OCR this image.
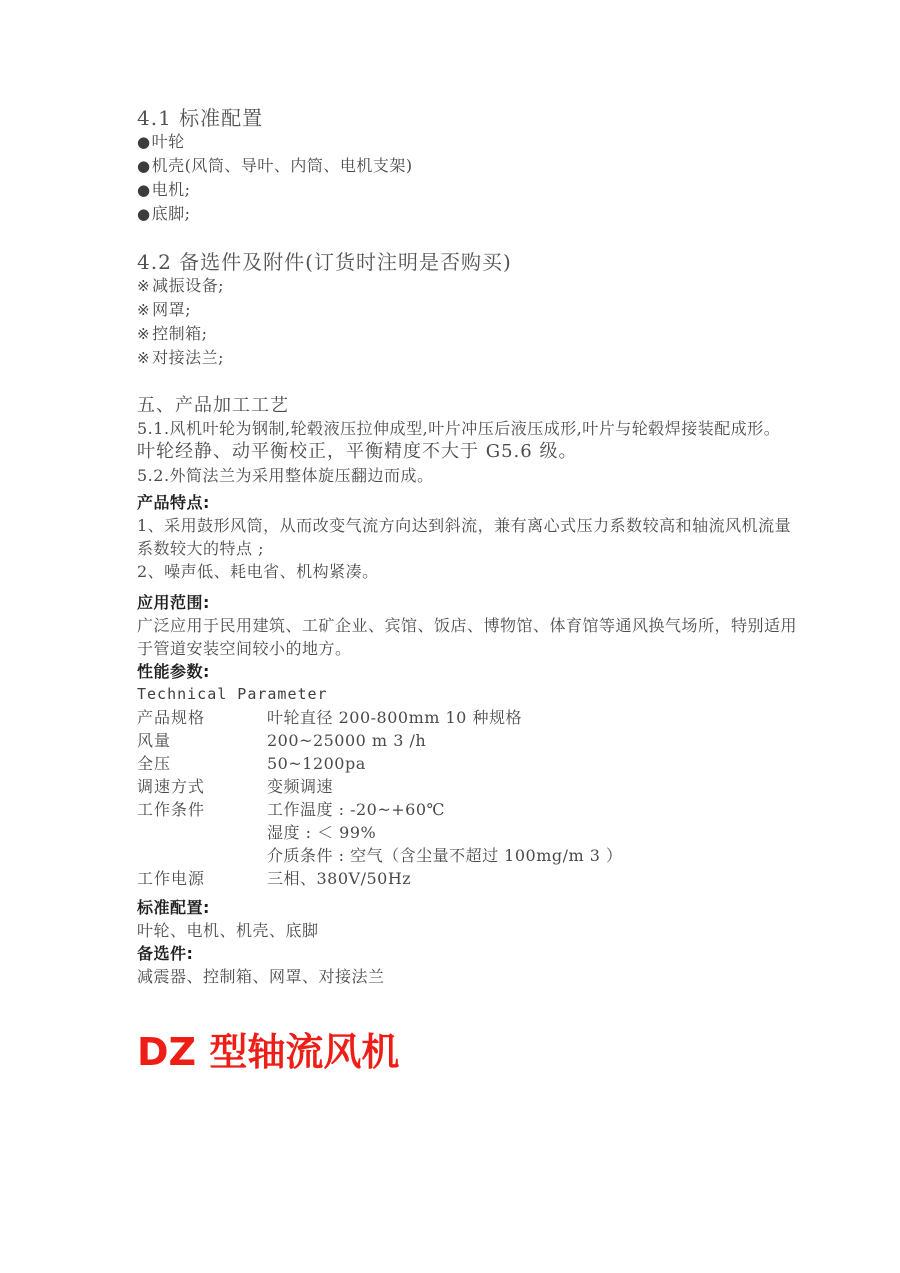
4.1 标准配置
●叶轮
●机壳(风筒、导叶、内筒、电机支架)
●电机;
●底脚;
4.2 备选件及附件(订货时注明是否购买)
※ 减振设备;
※ 网罩;
※ 控制箱;
※ 对接法兰;
五、产品加工工艺
5.1.风机叶轮为钢制,轮毂液压拉伸成型,叶片冲压后液压成形,叶片与轮毂焊接装配成形。
叶轮经静、动平衡校正，平衡精度不大于 G5.6 级。
5.2.外简法兰为采用整体旋压翻边而成。
产品特点:
1、采用鼓形风筒，从而改变气流方向达到斜流，兼有离心式压力系数较高和轴流风机流量
系数较大的特点 ;
2、噪声低、耗电省、机构紧凑。
应用范围:
广泛应用于民用建筑、工矿企业、宾馆、饭店、博物馆、体育馆等通风换气场所，特别适用
于管道安装空间较小的地方。
性能参数:
Technical Parameter
产品规格	叶轮直径 200-800mm 10 种规格
风量	200~25000 m 3 /h
全压	50~1200pa
调速方式	变频调速
工作条件	工作温度 : -20~+60℃
湿度 : ＜ 99%
介质条件 : 空气（含尘量不超过 100mg/m 3 ）
工作电源	三相、380V/50Hz
标准配置:
叶轮、电机、机壳、底脚
备选件:
减震器、控制箱、网罩、对接法兰
DZ 型轴流风机
